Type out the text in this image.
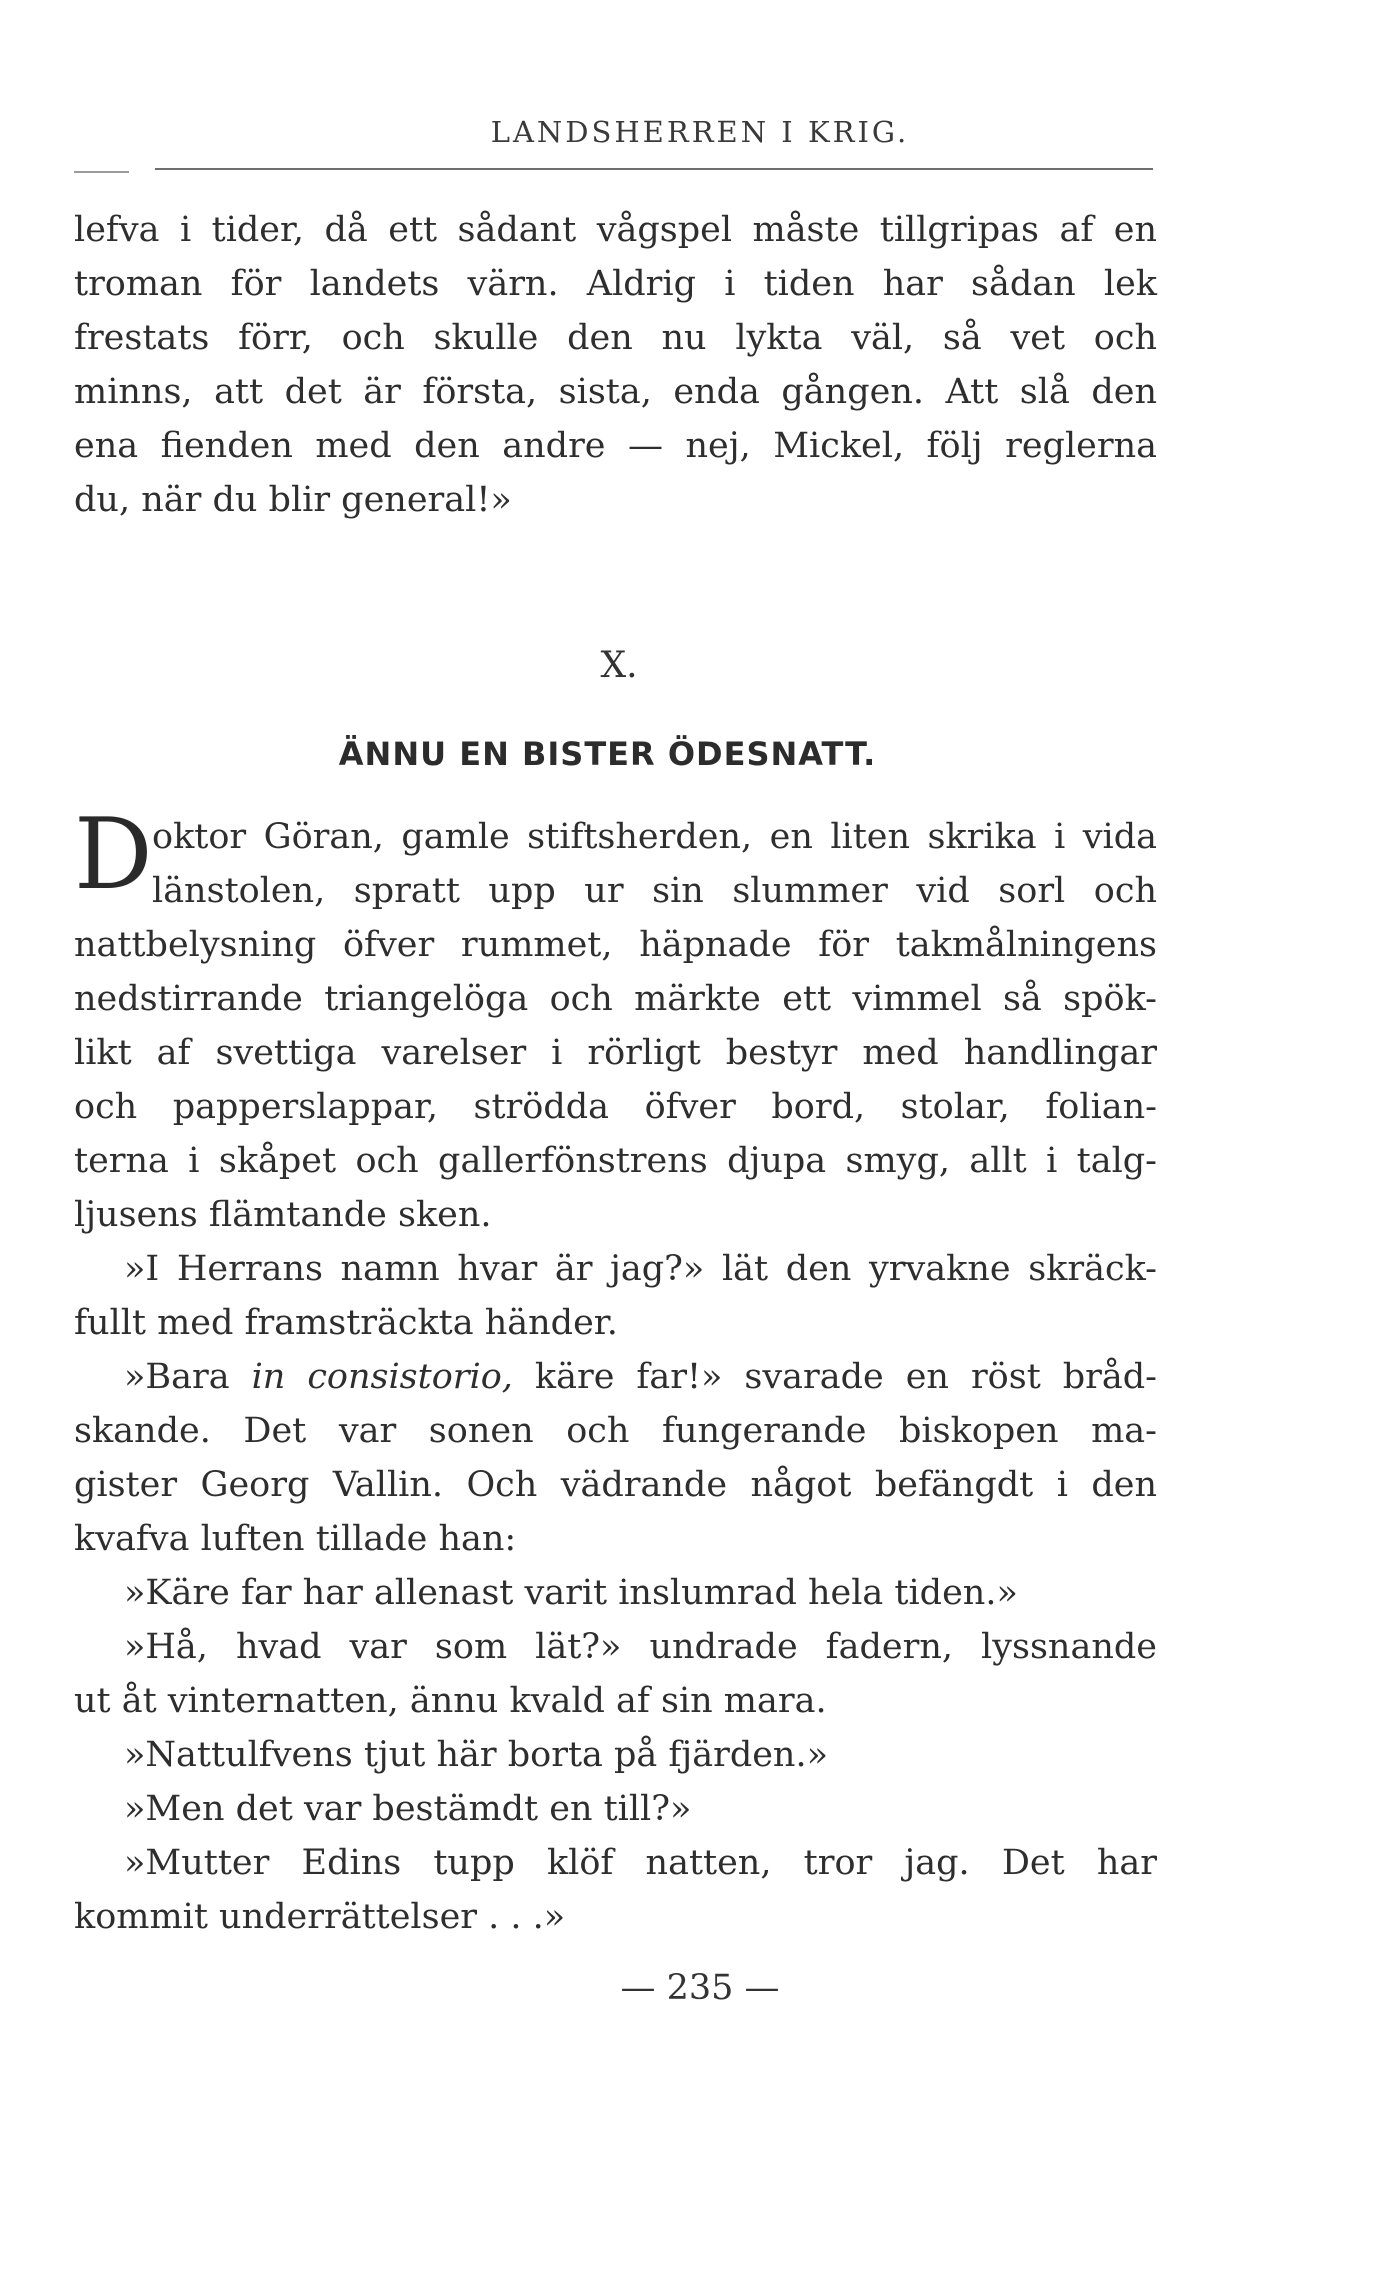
LANDSHERREN I KRIG.
lefva i tider, då ett sådant vågspel måste tillgripas af en
troman för landets värn. Aldrig i tiden har sådan lek
frestats förr, och skulle den nu lykta väl, så vet och
minns, att det är första, sista, enda gången. Att slå den
ena fienden med den andre — nej, Mickel, följ reglerna
du, när du blir general!»
X.
ÄNNU EN BISTER ÖDESNATT.
D oktor Göran, gamle stiftsherden, en liten skrika i vida
länstolen, spratt upp ur sin slummer vid sorl och
nattbelysning öfver rummet, häpnade för takmålningens
nedstirrande triangelöga och märkte ett vimmel så spök-
likt af svettiga varelser i rörligt bestyr med handlingar
och papperslappar, strödda öfver bord, stolar, folian-
terna i skåpet och gallerfönstrens djupa smyg, allt i talg-
ljusens flämtande sken.
»I Herrans namn hvar är jag?» lät den yrvakne skräck-
fullt med framsträckta händer.
»Bara in consistorio, käre far!» svarade en röst bråd-
skande. Det var sonen och fungerande biskopen ma-
gister Georg Vallin. Och vädrande något befängdt i den
kvafva luften tillade han:
»Käre far har allenast varit inslumrad hela tiden.»
»Hå, hvad var som lät?» undrade fadern, lyssnande
ut åt vinternatten, ännu kvald af sin mara.
»Nattulfvens tjut här borta på fjärden.»
»Men det var bestämdt en till?»
»Mutter Edins tupp klöf natten, tror jag. Det har
kommit underrättelser . . .»
— 235 —
